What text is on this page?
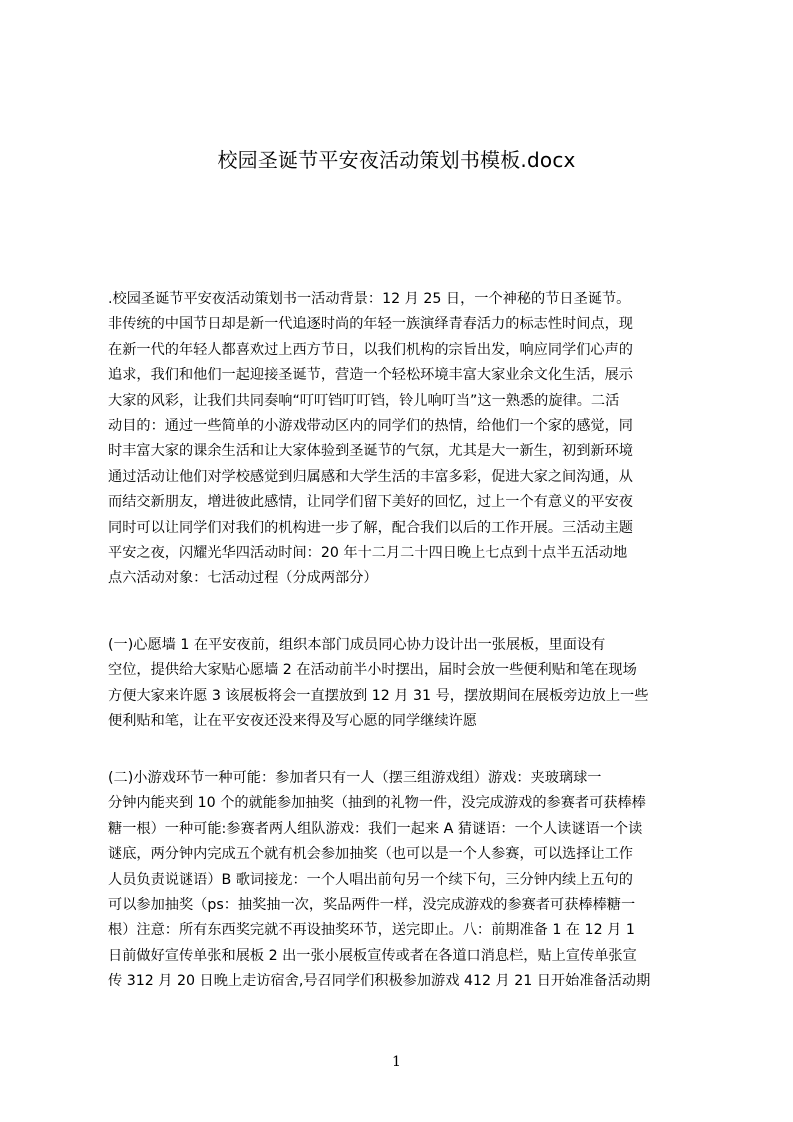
校园圣诞节平安夜活动策划书模板.docx
.校园圣诞节平安夜活动策划书一活动背景：12 月 25 日，一个神秘的节日圣诞节。
非传统的中国节日却是新一代追逐时尚的年轻一族演绎青春活力的标志性时间点，现
在新一代的年轻人都喜欢过上西方节日，以我们机构的宗旨出发，响应同学们心声的
追求，我们和他们一起迎接圣诞节，营造一个轻松环境丰富大家业余文化生活，展示
大家的风彩，让我们共同奏响“叮叮铛叮叮铛，铃儿响叮当”这一熟悉的旋律。二活
动目的：通过一些简单的小游戏带动区内的同学们的热情，给他们一个家的感觉，同
时丰富大家的课余生活和让大家体验到圣诞节的气氛，尤其是大一新生，初到新环境
通过活动让他们对学校感觉到归属感和大学生活的丰富多彩，促进大家之间沟通，从
而结交新朋友，增进彼此感情，让同学们留下美好的回忆，过上一个有意义的平安夜
同时可以让同学们对我们的机构进一步了解，配合我们以后的工作开展。三活动主题
平安之夜，闪耀光华四活动时间：20 年十二月二十四日晚上七点到十点半五活动地
点六活动对象：七活动过程（分成两部分）
(一)心愿墙 1 在平安夜前，组织本部门成员同心协力设计出一张展板，里面设有
空位，提供给大家贴心愿墙 2 在活动前半小时摆出，届时会放一些便利贴和笔在现场
方便大家来许愿 3 该展板将会一直摆放到 12 月 31 号，摆放期间在展板旁边放上一些
便利贴和笔，让在平安夜还没来得及写心愿的同学继续许愿
(二)小游戏环节一种可能：参加者只有一人（摆三组游戏组）游戏：夹玻璃球一
分钟内能夹到 10 个的就能参加抽奖（抽到的礼物一件，没完成游戏的参赛者可获棒棒
糖一根）一种可能:参赛者两人组队游戏：我们一起来 A 猜谜语：一个人读谜语一个读
谜底，两分钟内完成五个就有机会参加抽奖（也可以是一个人参赛，可以选择让工作
人员负责说谜语）B 歌词接龙：一个人唱出前句另一个续下句，三分钟内续上五句的
可以参加抽奖（ps：抽奖抽一次，奖品两件一样，没完成游戏的参赛者可获棒棒糖一
根）注意：所有东西奖完就不再设抽奖环节，送完即止。八：前期准备 1 在 12 月 1
日前做好宣传单张和展板 2 出一张小展板宣传或者在各道口消息栏，贴上宣传单张宣
传 312 月 20 日晚上走访宿舍,号召同学们积极参加游戏 412 月 21 日开始准备活动期
1
